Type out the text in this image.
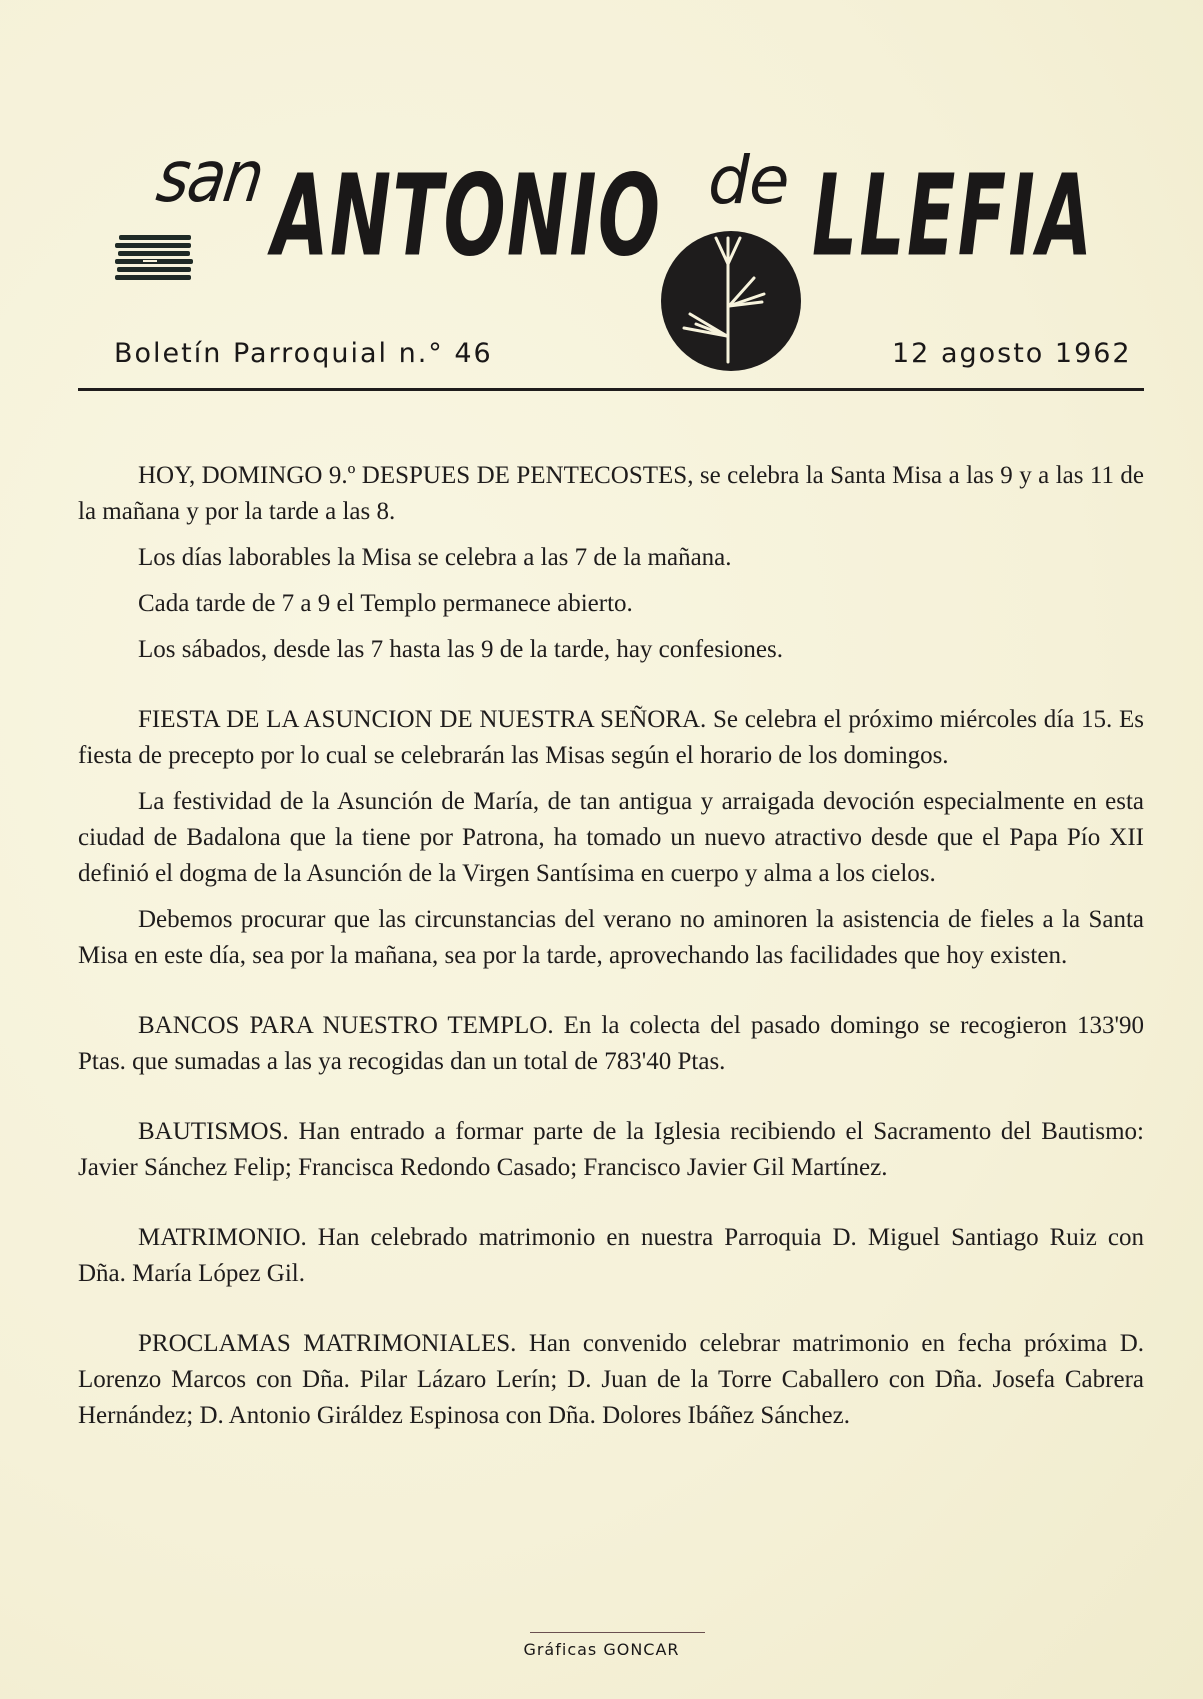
san ANTONIO de LLEFIA
Boletín Parroquial n.° 46	12 agosto 1962

HOY, DOMINGO 9.º DESPUES DE PENTECOSTES, se celebra la Santa Misa a las 9 y a las 11 de la mañana y por la tarde a las 8.

Los días laborables la Misa se celebra a las 7 de la mañana.

Cada tarde de 7 a 9 el Templo permanece abierto.

Los sábados, desde las 7 hasta las 9 de la tarde, hay confesiones.

FIESTA DE LA ASUNCION DE NUESTRA SEÑORA. Se celebra el próximo miércoles día 15. Es fiesta de precepto por lo cual se celebrarán las Misas según el horario de los domingos.

La festividad de la Asunción de María, de tan antigua y arraigada devoción especialmente en esta ciudad de Badalona que la tiene por Patrona, ha tomado un nuevo atractivo desde que el Papa Pío XII definió el dogma de la Asunción de la Virgen Santísima en cuerpo y alma a los cielos.

Debemos procurar que las circunstancias del verano no aminoren la asistencia de fieles a la Santa Misa en este día, sea por la mañana, sea por la tarde, aprovechando las facilidades que hoy existen.

BANCOS PARA NUESTRO TEMPLO. En la colecta del pasado domingo se recogieron 133'90 Ptas. que sumadas a las ya recogidas dan un total de 783'40 Ptas.

BAUTISMOS. Han entrado a formar parte de la Iglesia recibiendo el Sacramento del Bautismo: Javier Sánchez Felip; Francisca Redondo Casado; Francisco Javier Gil Martínez.

MATRIMONIO. Han celebrado matrimonio en nuestra Parroquia D. Miguel Santiago Ruiz con Dña. María López Gil.

PROCLAMAS MATRIMONIALES. Han convenido celebrar matrimonio en fecha próxima D. Lorenzo Marcos con Dña. Pilar Lázaro Lerín; D. Juan de la Torre Caballero con Dña. Josefa Cabrera Hernández; D. Antonio Giráldez Espinosa con Dña. Dolores Ibáñez Sánchez.

Gráficas GONCAR
